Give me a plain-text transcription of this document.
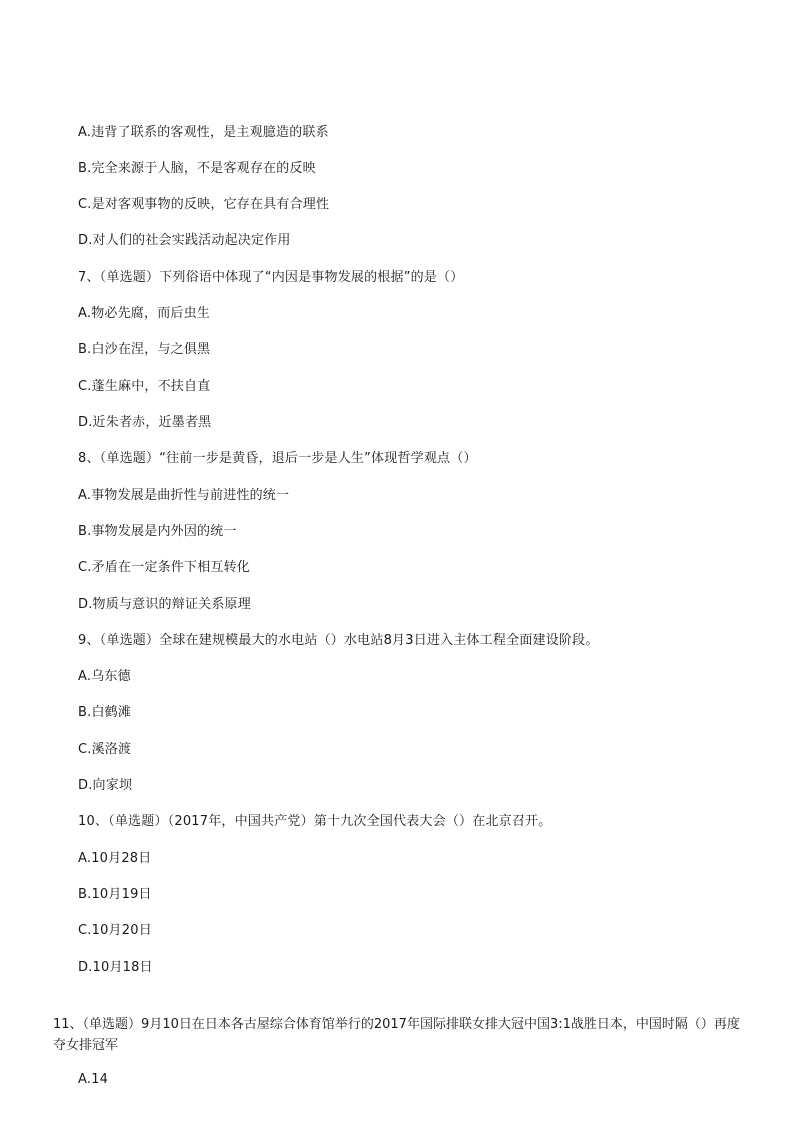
A.违背了联系的客观性，是主观臆造的联系
B.完全来源于人脑，不是客观存在的反映
C.是对客观事物的反映，它存在具有合理性
D.对人们的社会实践活动起决定作用
7、（单选题）下列俗语中体现了“内因是事物发展的根据”的是（）
A.物必先腐，而后虫生
B.白沙在涅，与之俱黑
C.蓬生麻中，不扶自直
D.近朱者赤，近墨者黑
8、（单选题）“往前一步是黄昏，退后一步是人生”体现哲学观点（）
A.事物发展是曲折性与前进性的统一
B.事物发展是内外因的统一
C.矛盾在一定条件下相互转化
D.物质与意识的辩证关系原理
9、（单选题）全球在建规模最大的水电站（）水电站8月3日进入主体工程全面建设阶段。
A.乌东德
B.白鹤滩
C.溪洛渡
D.向家坝
10、（单选题）（2017年，中国共产党）第十九次全国代表大会（）在北京召开。
A.10月28日
B.10月19日
C.10月20日
D.10月18日
11、（单选题）9月10日在日本各古屋综合体育馆举行的2017年国际排联女排大冠中国3:1战胜日本，中国时隔（）再度夺女排冠军
A.14
